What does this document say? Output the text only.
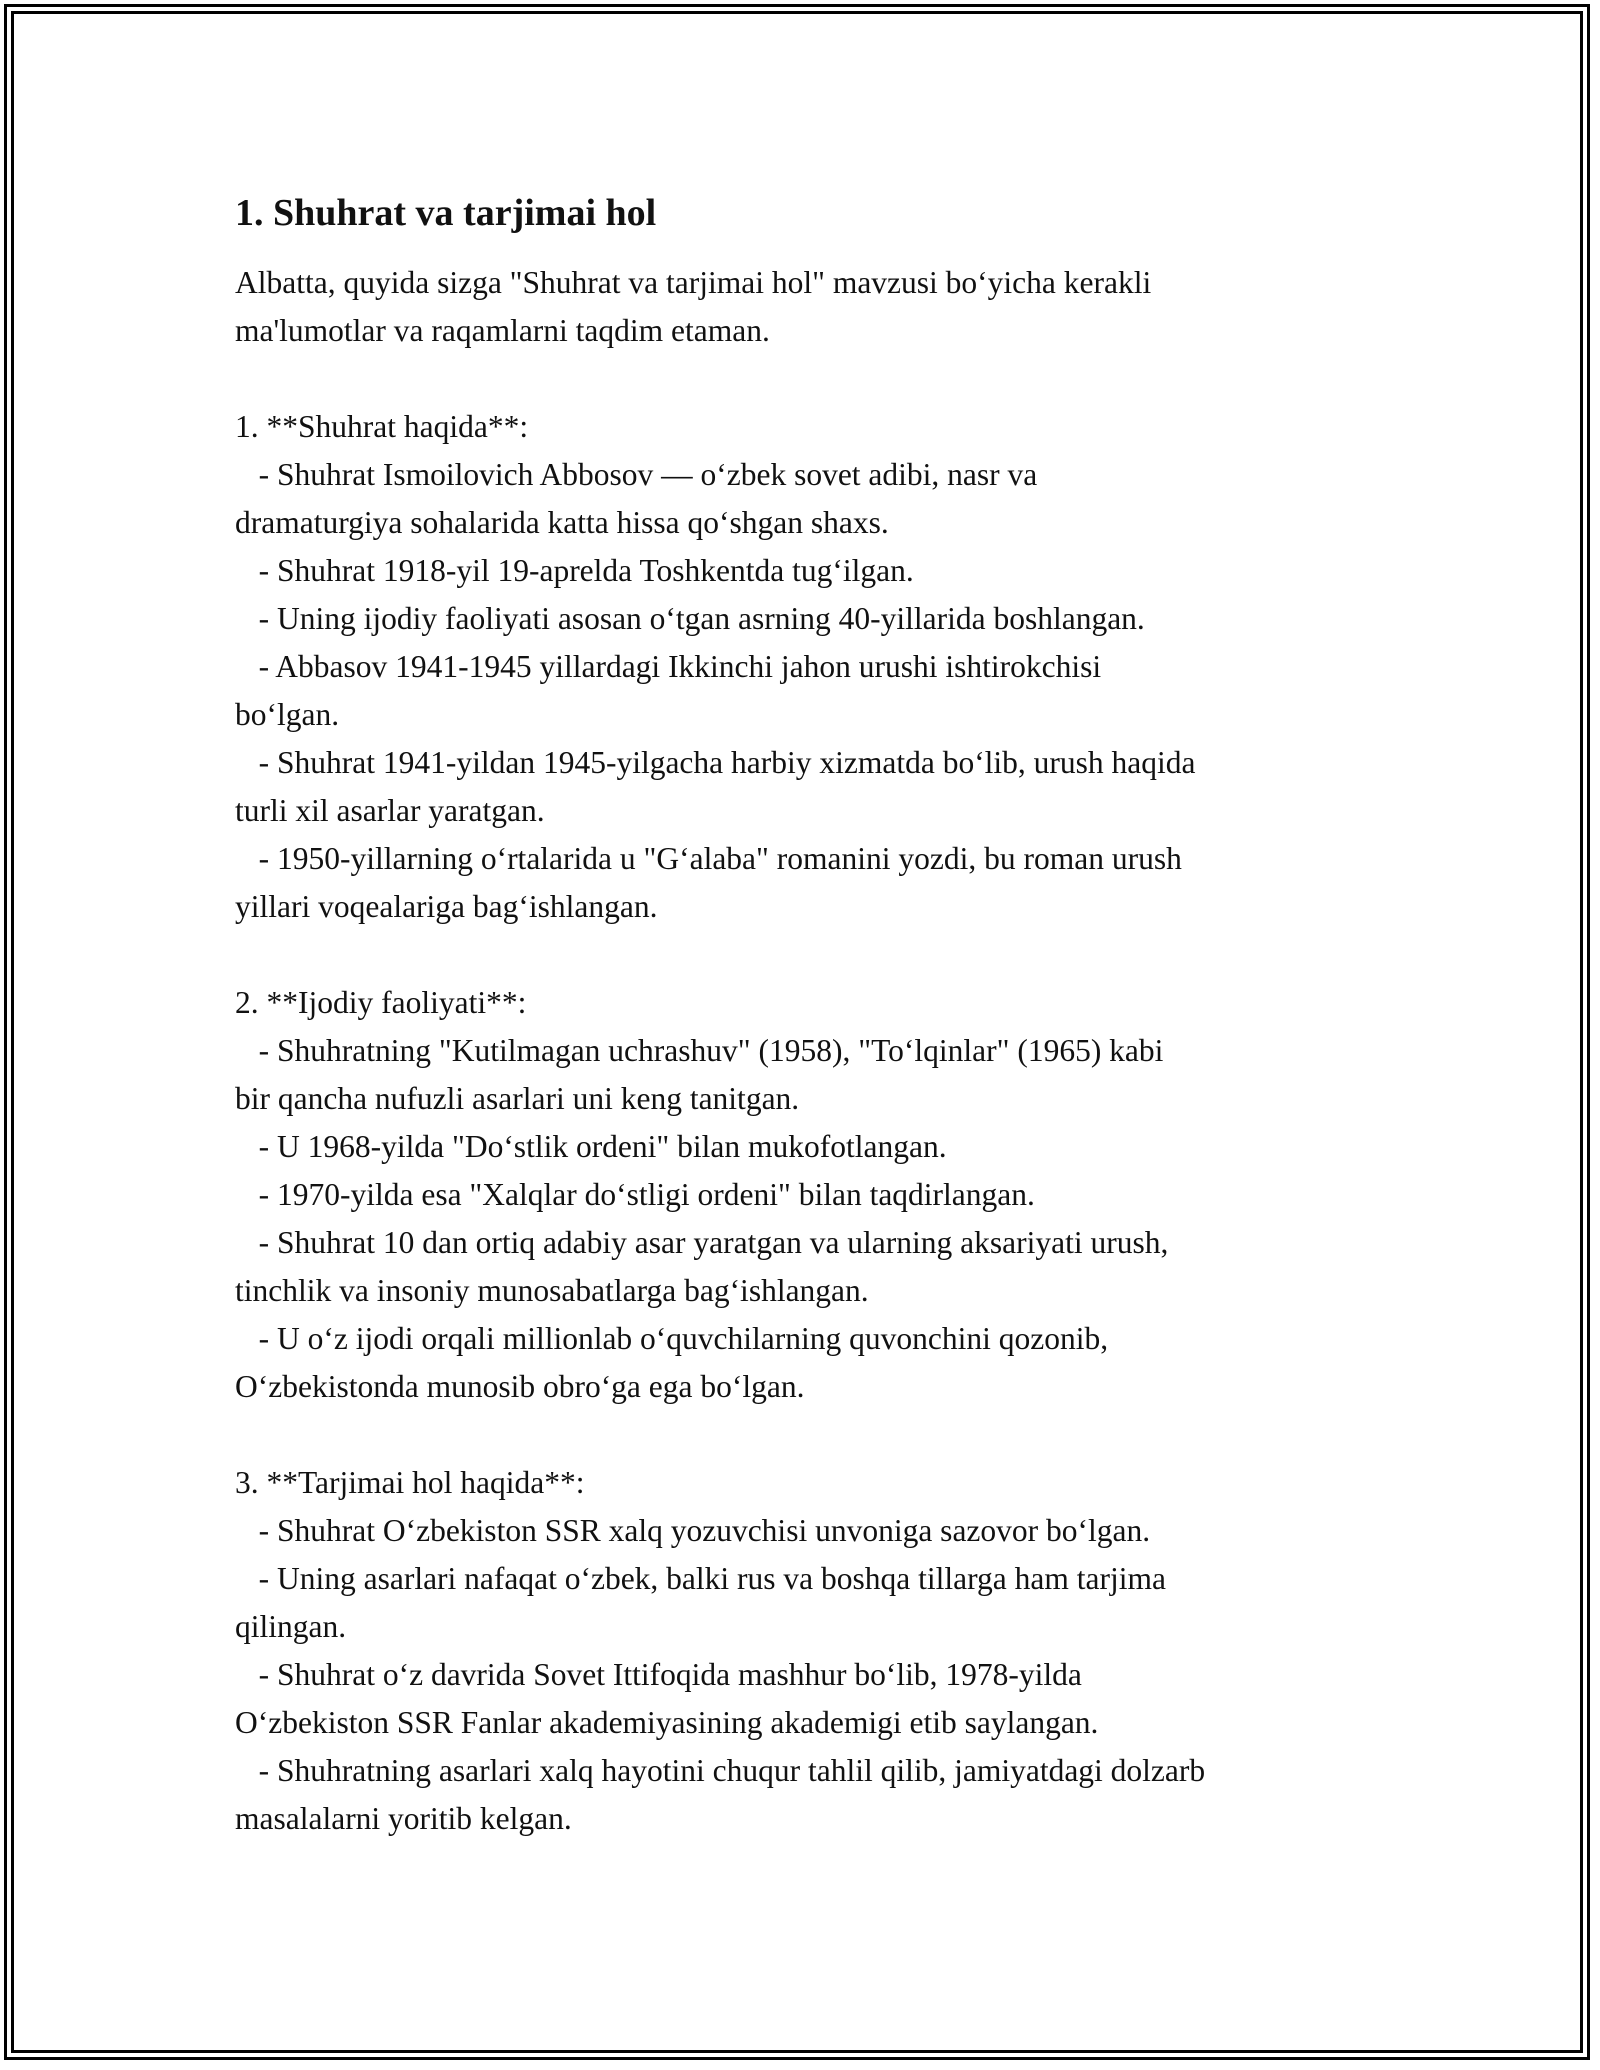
1. Shuhrat va tarjimai hol
Albatta, quyida sizga "Shuhrat va tarjimai hol" mavzusi bo‘yicha kerakli
ma'lumotlar va raqamlarni taqdim etaman.
1. **Shuhrat haqida**:
- Shuhrat Ismoilovich Abbosov — o‘zbek sovet adibi, nasr va
dramaturgiya sohalarida katta hissa qo‘shgan shaxs.
- Shuhrat 1918-yil 19-aprelda Toshkentda tug‘ilgan.
- Uning ijodiy faoliyati asosan o‘tgan asrning 40-yillarida boshlangan.
- Abbasov 1941-1945 yillardagi Ikkinchi jahon urushi ishtirokchisi
bo‘lgan.
- Shuhrat 1941-yildan 1945-yilgacha harbiy xizmatda bo‘lib, urush haqida
turli xil asarlar yaratgan.
- 1950-yillarning o‘rtalarida u "G‘alaba" romanini yozdi, bu roman urush
yillari voqealariga bag‘ishlangan.
2. **Ijodiy faoliyati**:
- Shuhratning "Kutilmagan uchrashuv" (1958), "To‘lqinlar" (1965) kabi
bir qancha nufuzli asarlari uni keng tanitgan.
- U 1968-yilda "Do‘stlik ordeni" bilan mukofotlangan.
- 1970-yilda esa "Xalqlar do‘stligi ordeni" bilan taqdirlangan.
- Shuhrat 10 dan ortiq adabiy asar yaratgan va ularning aksariyati urush,
tinchlik va insoniy munosabatlarga bag‘ishlangan.
- U o‘z ijodi orqali millionlab o‘quvchilarning quvonchini qozonib,
O‘zbekistonda munosib obro‘ga ega bo‘lgan.
3. **Tarjimai hol haqida**:
- Shuhrat O‘zbekiston SSR xalq yozuvchisi unvoniga sazovor bo‘lgan.
- Uning asarlari nafaqat o‘zbek, balki rus va boshqa tillarga ham tarjima
qilingan.
- Shuhrat o‘z davrida Sovet Ittifoqida mashhur bo‘lib, 1978-yilda
O‘zbekiston SSR Fanlar akademiyasining akademigi etib saylangan.
- Shuhratning asarlari xalq hayotini chuqur tahlil qilib, jamiyatdagi dolzarb
masalalarni yoritib kelgan.
